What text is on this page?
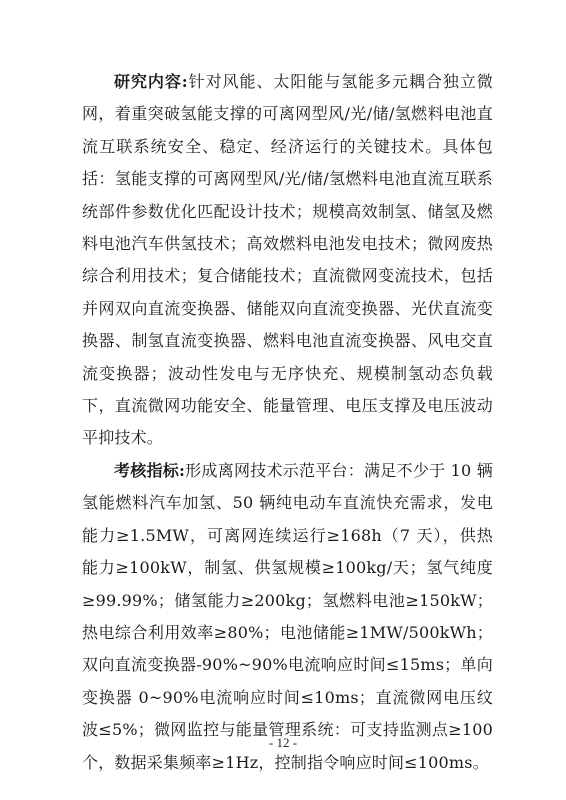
研究内容:针对风能、太阳能与氢能多元耦合独立微网，着重突破氢能支撑的可离网型风/光/储/氢燃料电池直流互联系统安全、稳定、经济运行的关键技术。具体包括：氢能支撑的可离网型风/光/储/氢燃料电池直流互联系统部件参数优化匹配设计技术；规模高效制氢、储氢及燃料电池汽车供氢技术；高效燃料电池发电技术；微网废热综合利用技术；复合储能技术；直流微网变流技术，包括并网双向直流变换器、储能双向直流变换器、光伏直流变换器、制氢直流变换器、燃料电池直流变换器、风电交直流变换器；波动性发电与无序快充、规模制氢动态负载下，直流微网功能安全、能量管理、电压支撑及电压波动平抑技术。

考核指标:形成离网技术示范平台：满足不少于 10 辆氢能燃料汽车加氢、50 辆纯电动车直流快充需求，发电能力≥1.5MW，可离网连续运行≥168h（7 天），供热能力≥100kW，制氢、供氢规模≥100kg/天；氢气纯度≥99.99%；储氢能力≥200kg；氢燃料电池≥150kW；热电综合利用效率≥80%；电池储能≥1MW/500kWh；双向直流变换器-90%~90%电流响应时间≤15ms；单向变换器 0~90%电流响应时间≤10ms；直流微网电压纹波≤5%；微网监控与能量管理系统：可支持监测点≥100 个，数据采集频率≥1Hz，控制指令响应时间≤100ms。

- 12 -
